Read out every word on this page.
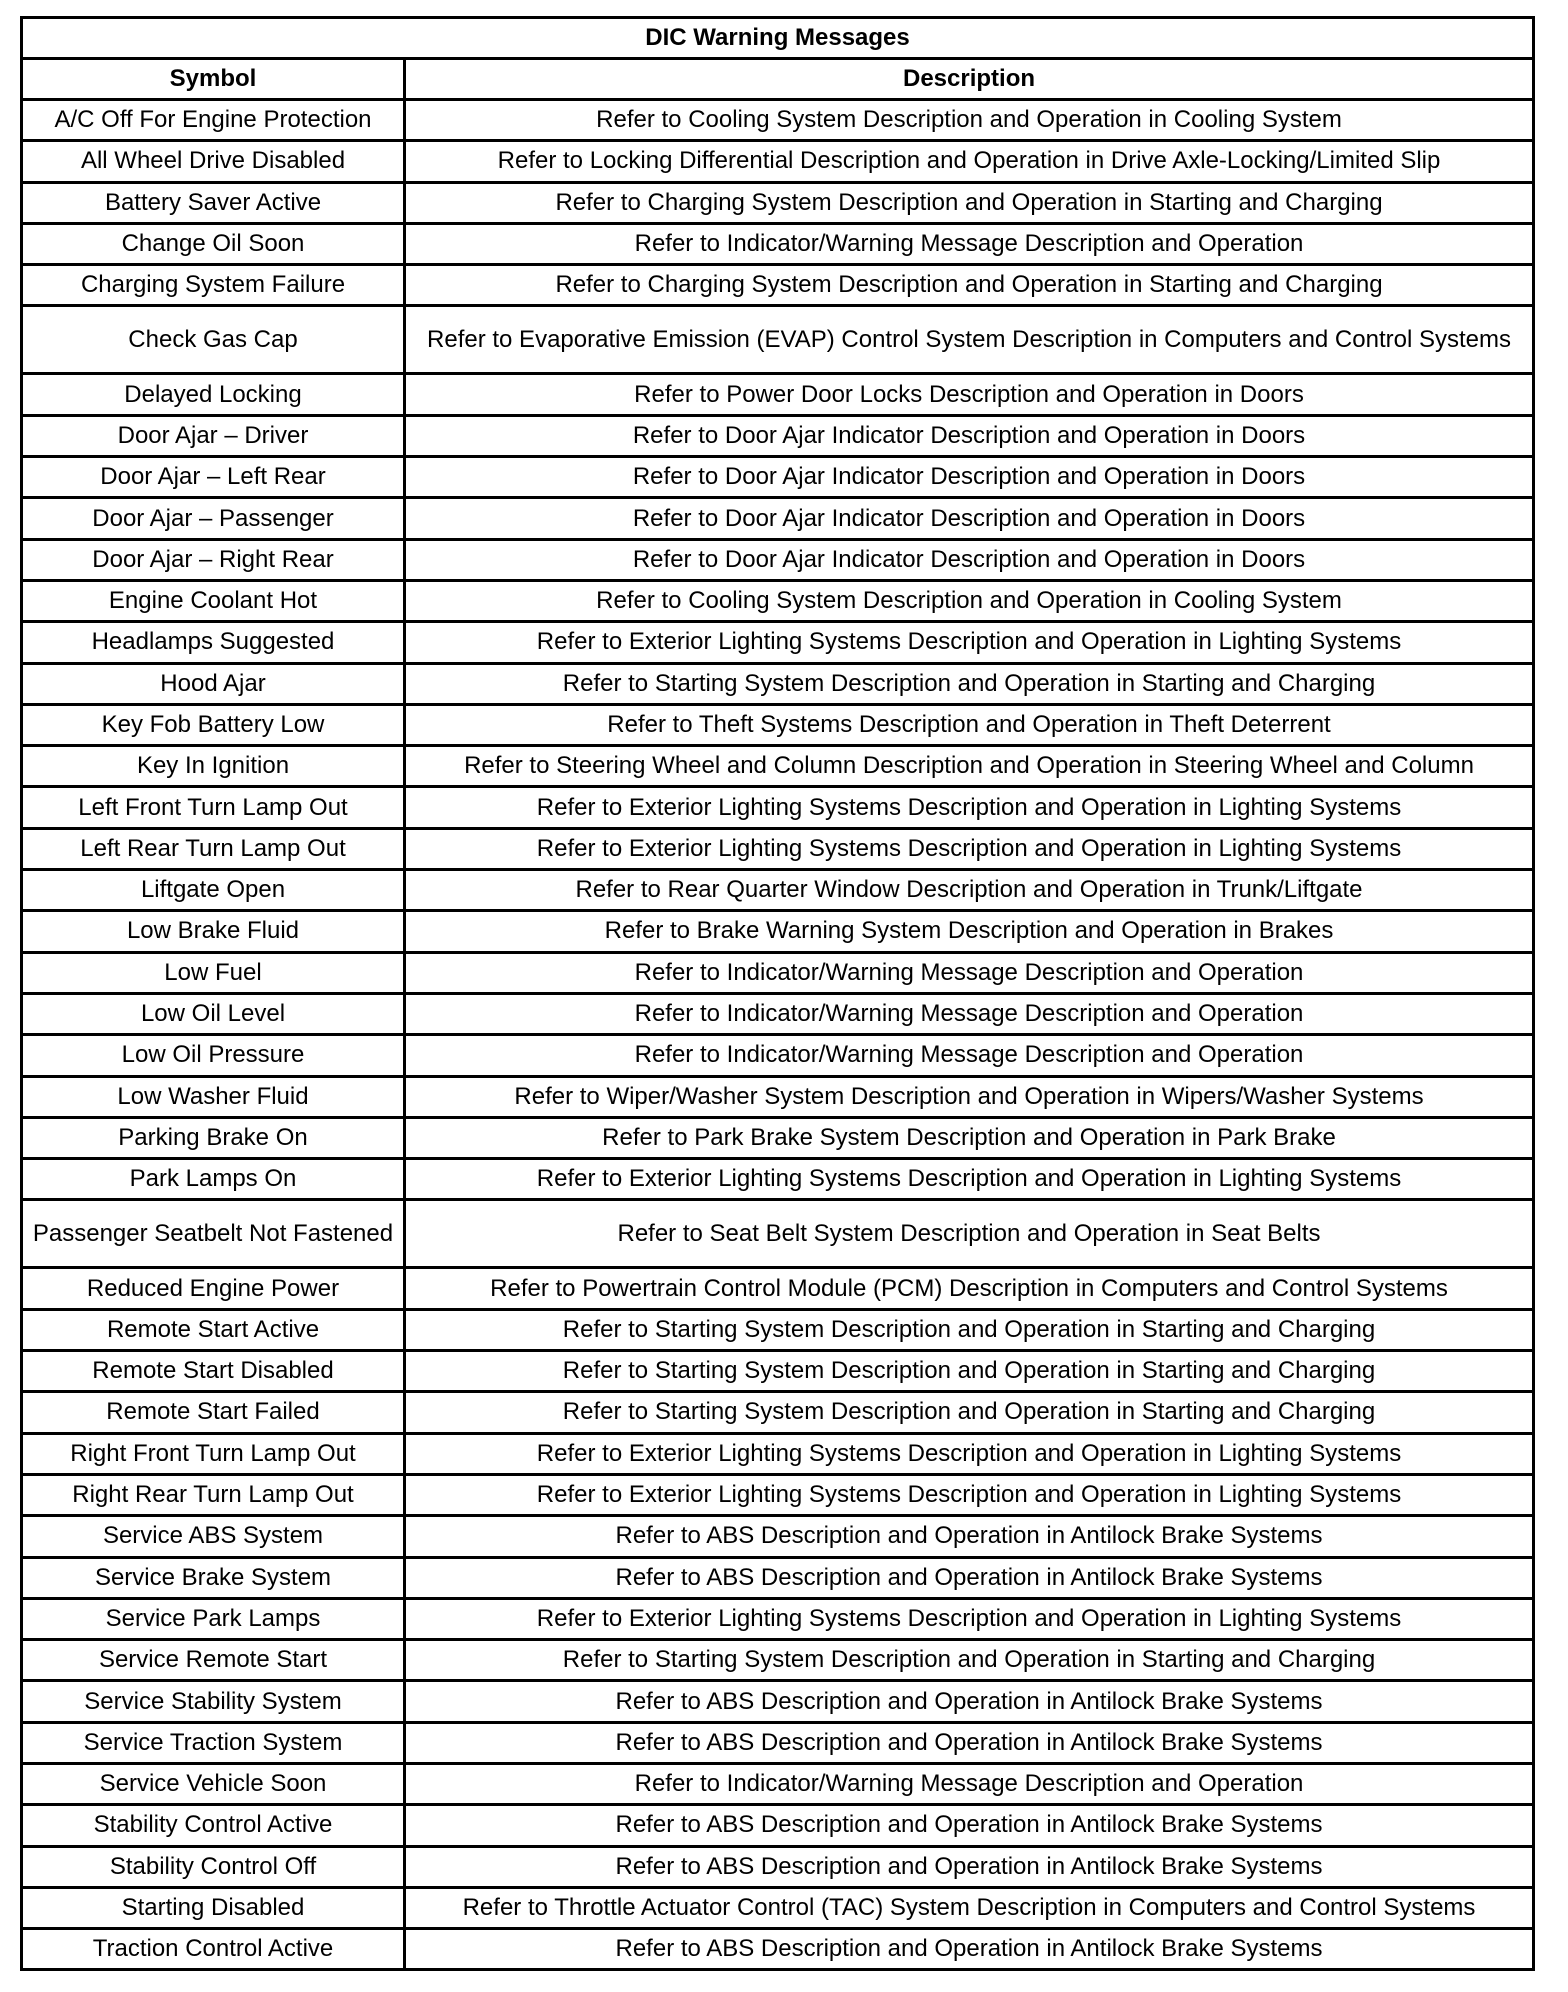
DIC Warning Messages	
Symbol	Description
A/C Off For Engine Protection	Refer to Cooling System Description and Operation in Cooling System
All Wheel Drive Disabled	Refer to Locking Differential Description and Operation in Drive Axle-Locking/Limited Slip
Battery Saver Active	Refer to Charging System Description and Operation in Starting and Charging
Change Oil Soon	Refer to Indicator/Warning Message Description and Operation
Charging System Failure	Refer to Charging System Description and Operation in Starting and Charging
Check Gas Cap	Refer to Evaporative Emission (EVAP) Control System Description in Computers and Control Systems
Delayed Locking	Refer to Power Door Locks Description and Operation in Doors
Door Ajar – Driver	Refer to Door Ajar Indicator Description and Operation in Doors
Door Ajar – Left Rear	Refer to Door Ajar Indicator Description and Operation in Doors
Door Ajar – Passenger	Refer to Door Ajar Indicator Description and Operation in Doors
Door Ajar – Right Rear	Refer to Door Ajar Indicator Description and Operation in Doors
Engine Coolant Hot	Refer to Cooling System Description and Operation in Cooling System
Headlamps Suggested	Refer to Exterior Lighting Systems Description and Operation in Lighting Systems
Hood Ajar	Refer to Starting System Description and Operation in Starting and Charging
Key Fob Battery Low	Refer to Theft Systems Description and Operation in Theft Deterrent
Key In Ignition	Refer to Steering Wheel and Column Description and Operation in Steering Wheel and Column
Left Front Turn Lamp Out	Refer to Exterior Lighting Systems Description and Operation in Lighting Systems
Left Rear Turn Lamp Out	Refer to Exterior Lighting Systems Description and Operation in Lighting Systems
Liftgate Open	Refer to Rear Quarter Window Description and Operation in Trunk/Liftgate
Low Brake Fluid	Refer to Brake Warning System Description and Operation in Brakes
Low Fuel	Refer to Indicator/Warning Message Description and Operation
Low Oil Level	Refer to Indicator/Warning Message Description and Operation
Low Oil Pressure	Refer to Indicator/Warning Message Description and Operation
Low Washer Fluid	Refer to Wiper/Washer System Description and Operation in Wipers/Washer Systems
Parking Brake On	Refer to Park Brake System Description and Operation in Park Brake
Park Lamps On	Refer to Exterior Lighting Systems Description and Operation in Lighting Systems
Passenger Seatbelt Not Fastened	Refer to Seat Belt System Description and Operation in Seat Belts
Reduced Engine Power	Refer to Powertrain Control Module (PCM) Description in Computers and Control Systems
Remote Start Active	Refer to Starting System Description and Operation in Starting and Charging
Remote Start Disabled	Refer to Starting System Description and Operation in Starting and Charging
Remote Start Failed	Refer to Starting System Description and Operation in Starting and Charging
Right Front Turn Lamp Out	Refer to Exterior Lighting Systems Description and Operation in Lighting Systems
Right Rear Turn Lamp Out	Refer to Exterior Lighting Systems Description and Operation in Lighting Systems
Service ABS System	Refer to ABS Description and Operation in Antilock Brake Systems
Service Brake System	Refer to ABS Description and Operation in Antilock Brake Systems
Service Park Lamps	Refer to Exterior Lighting Systems Description and Operation in Lighting Systems
Service Remote Start	Refer to Starting System Description and Operation in Starting and Charging
Service Stability System	Refer to ABS Description and Operation in Antilock Brake Systems
Service Traction System	Refer to ABS Description and Operation in Antilock Brake Systems
Service Vehicle Soon	Refer to Indicator/Warning Message Description and Operation
Stability Control Active	Refer to ABS Description and Operation in Antilock Brake Systems
Stability Control Off	Refer to ABS Description and Operation in Antilock Brake Systems
Starting Disabled	Refer to Throttle Actuator Control (TAC) System Description in Computers and Control Systems
Traction Control Active	Refer to ABS Description and Operation in Antilock Brake Systems
